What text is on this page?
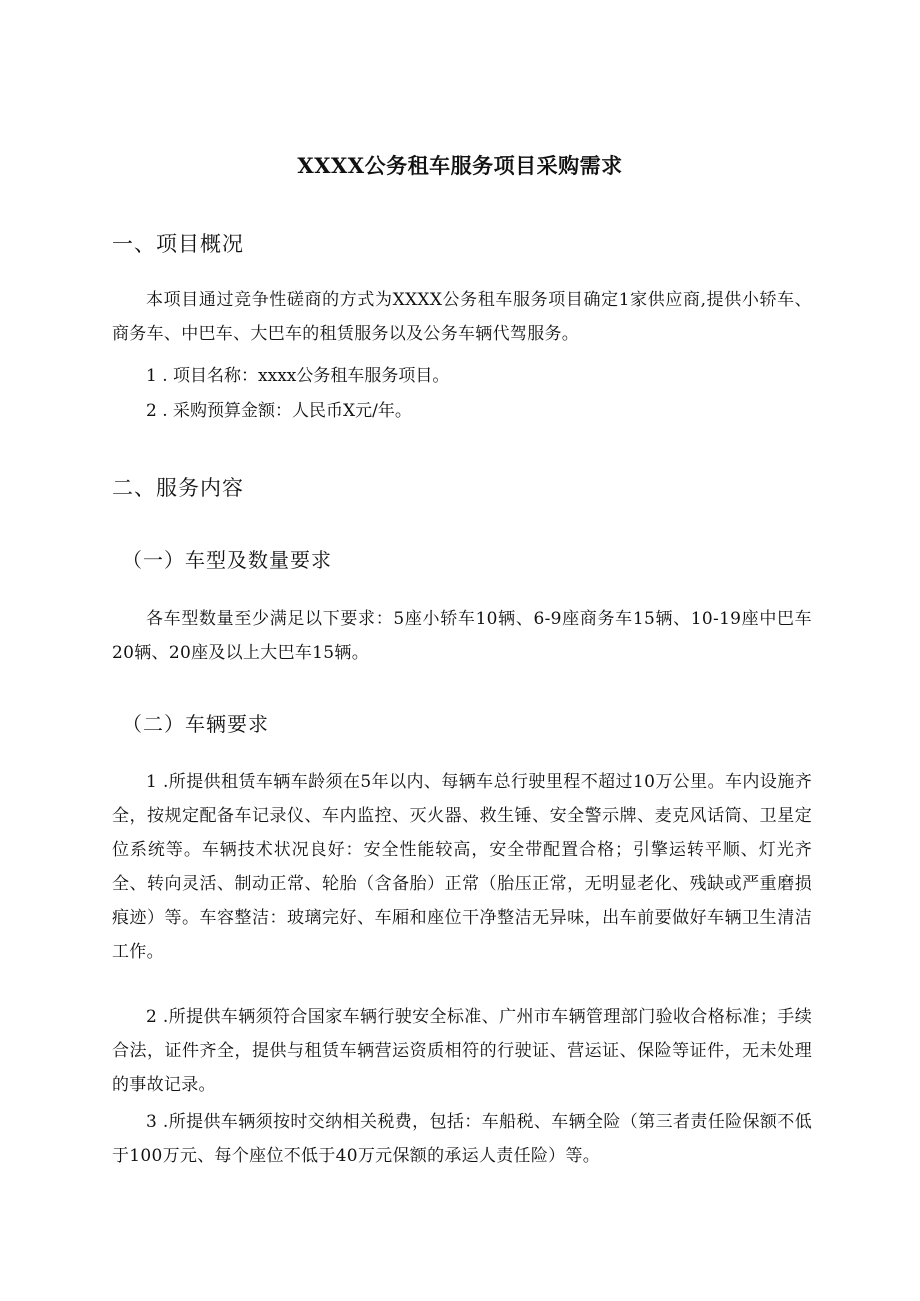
XXXX公务租车服务项目采购需求
一、项目概况
本项目通过竞争性磋商的方式为XXXX公务租车服务项目确定1家供应商,提供小轿车、商务车、中巴车、大巴车的租赁服务以及公务车辆代驾服务。
1 . 项目名称：xxxx公务租车服务项目。
2 . 采购预算金额：人民币X元/年。
二、服务内容
（一）车型及数量要求
各车型数量至少满足以下要求：5座小轿车10辆、6-9座商务车15辆、10-19座中巴车20辆、20座及以上大巴车15辆。
（二）车辆要求
1 .所提供租赁车辆车龄须在5年以内、每辆车总行驶里程不超过10万公里。车内设施齐全，按规定配备车记录仪、车内监控、灭火器、救生锤、安全警示牌、麦克风话筒、卫星定位系统等。车辆技术状况良好：安全性能较高，安全带配置合格；引擎运转平顺、灯光齐全、转向灵活、制动正常、轮胎（含备胎）正常（胎压正常，无明显老化、残缺或严重磨损痕迹）等。车容整洁：玻璃完好、车厢和座位干净整洁无异味，出车前要做好车辆卫生清洁工作。
2 .所提供车辆须符合国家车辆行驶安全标准、广州市车辆管理部门验收合格标准；手续合法，证件齐全，提供与租赁车辆营运资质相符的行驶证、营运证、保险等证件，无未处理的事故记录。
3 .所提供车辆须按时交纳相关税费，包括：车船税、车辆全险（第三者责任险保额不低于100万元、每个座位不低于40万元保额的承运人责任险）等。
